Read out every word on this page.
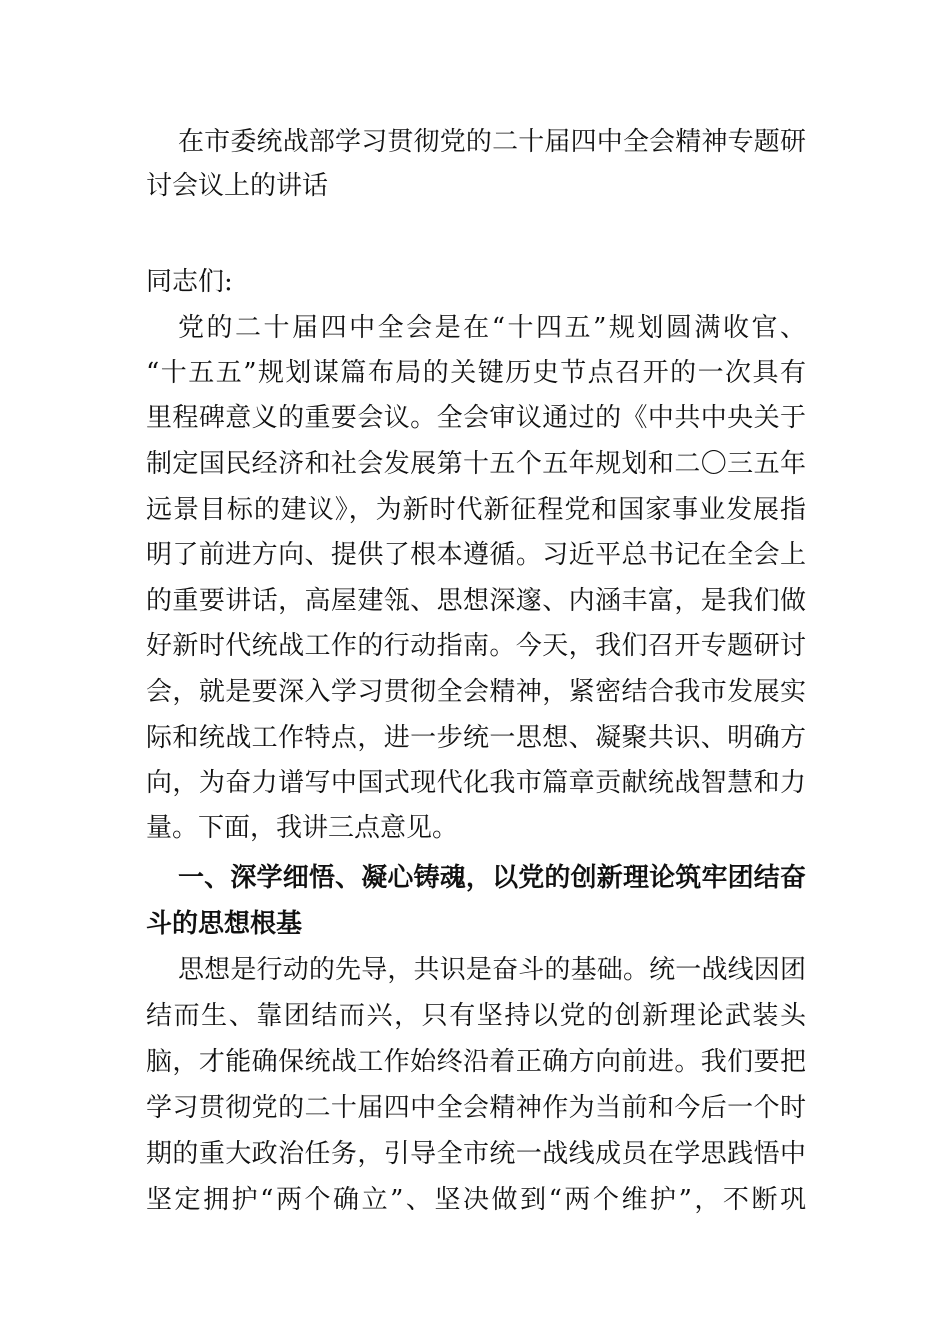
在市委统战部学习贯彻党的二十届四中全会精神专题研
讨会议上的讲话
同志们:
党的二十届四中全会是在“十四五”规划圆满收官、
“十五五”规划谋篇布局的关键历史节点召开的一次具有
里程碑意义的重要会议。全会审议通过的《中共中央关于
制定国民经济和社会发展第十五个五年规划和二〇三五年
远景目标的建议》，为新时代新征程党和国家事业发展指
明了前进方向、提供了根本遵循。习近平总书记在全会上
的重要讲话，高屋建瓴、思想深邃、内涵丰富，是我们做
好新时代统战工作的行动指南。今天，我们召开专题研讨
会，就是要深入学习贯彻全会精神，紧密结合我市发展实
际和统战工作特点，进一步统一思想、凝聚共识、明确方
向，为奋力谱写中国式现代化我市篇章贡献统战智慧和力
量。下面，我讲三点意见。
一、深学细悟、凝心铸魂，以党的创新理论筑牢团结奋
斗的思想根基
思想是行动的先导，共识是奋斗的基础。统一战线因团
结而生、靠团结而兴，只有坚持以党的创新理论武装头
脑，才能确保统战工作始终沿着正确方向前进。我们要把
学习贯彻党的二十届四中全会精神作为当前和今后一个时
期的重大政治任务，引导全市统一战线成员在学思践悟中
坚定拥护“两个确立”、坚决做到“两个维护”，不断巩
